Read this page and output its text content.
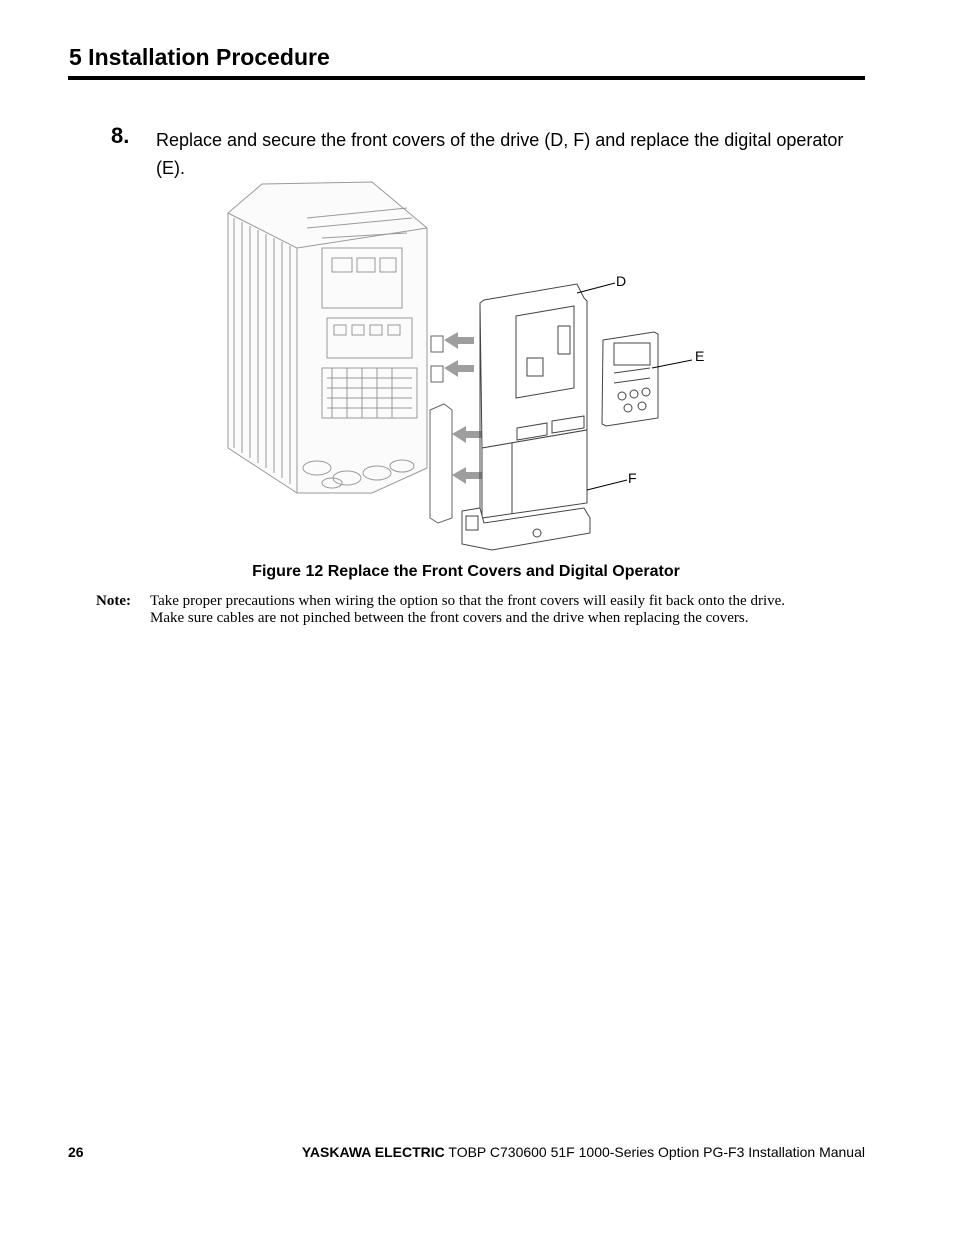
5 Installation Procedure
8. Replace and secure the front covers of the drive (D, F) and replace the digital operator (E).

D
E
F
Figure 12 Replace the Front Covers and Digital Operator
Note: Take proper precautions when wiring the option so that the front covers will easily fit back onto the drive. Make sure cables are not pinched between the front covers and the drive when replacing the covers.

26	YASKAWA ELECTRIC TOBP C730600 51F 1000-Series Option PG-F3 Installation Manual
